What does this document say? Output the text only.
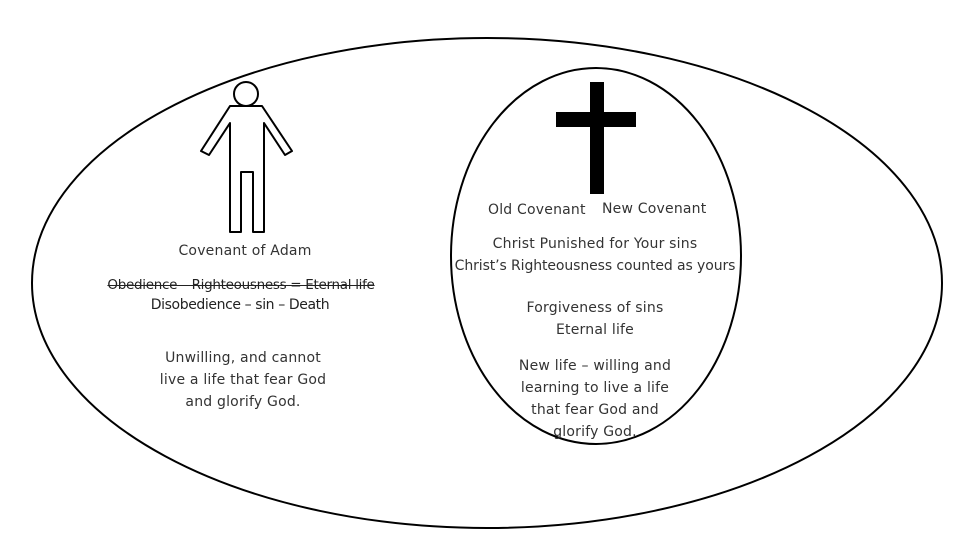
Covenant of Adam
Obedience – Righteousness = Eternal life
Disobedience – sin – Death
Unwilling, and cannot
live a life that fear God
and glorify God.
Old Covenant New Covenant
Christ Punished for Your sins
Christ’s Righteousness counted as yours
Forgiveness of sins
Eternal life
New life – willing and
learning to live a life
that fear God and
glorify God.
